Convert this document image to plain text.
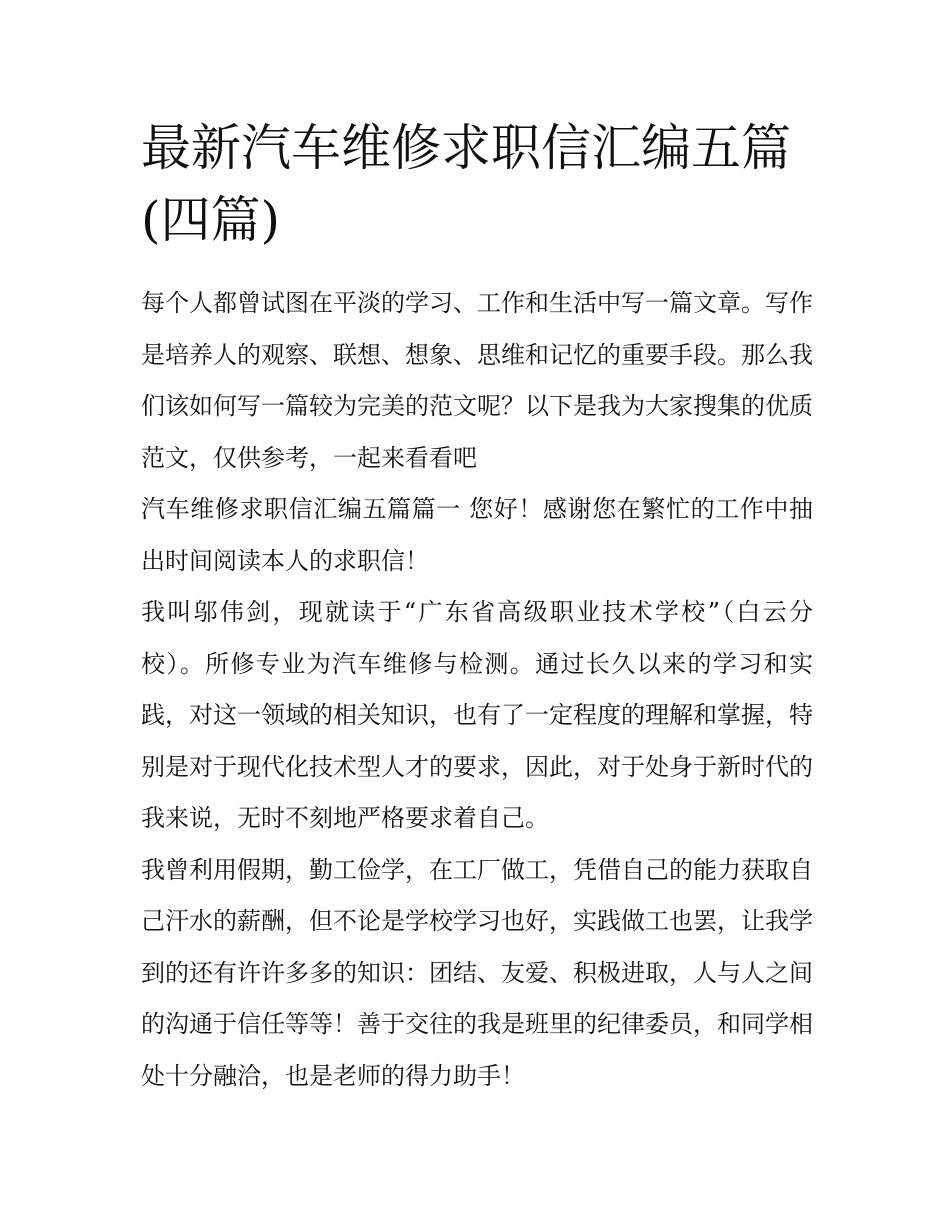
最新汽车维修求职信汇编五篇(四篇)

每个人都曾试图在平淡的学习、工作和生活中写一篇文章。写作是培养人的观察、联想、想象、思维和记忆的重要手段。那么我们该如何写一篇较为完美的范文呢？以下是我为大家搜集的优质范文，仅供参考，一起来看看吧

汽车维修求职信汇编五篇篇一 您好！感谢您在繁忙的工作中抽出时间阅读本人的求职信！

我叫邬伟剑，现就读于“广东省高级职业技术学校”（白云分校）。所修专业为汽车维修与检测。通过长久以来的学习和实践，对这一领域的相关知识，也有了一定程度的理解和掌握，特别是对于现代化技术型人才的要求，因此，对于处身于新时代的我来说，无时不刻地严格要求着自己。

我曾利用假期，勤工俭学，在工厂做工，凭借自己的能力获取自己汗水的薪酬，但不论是学校学习也好，实践做工也罢，让我学到的还有许许多多的知识：团结、友爱、积极进取，人与人之间的沟通于信任等等！善于交往的我是班里的纪律委员，和同学相处十分融洽，也是老师的得力助手！
